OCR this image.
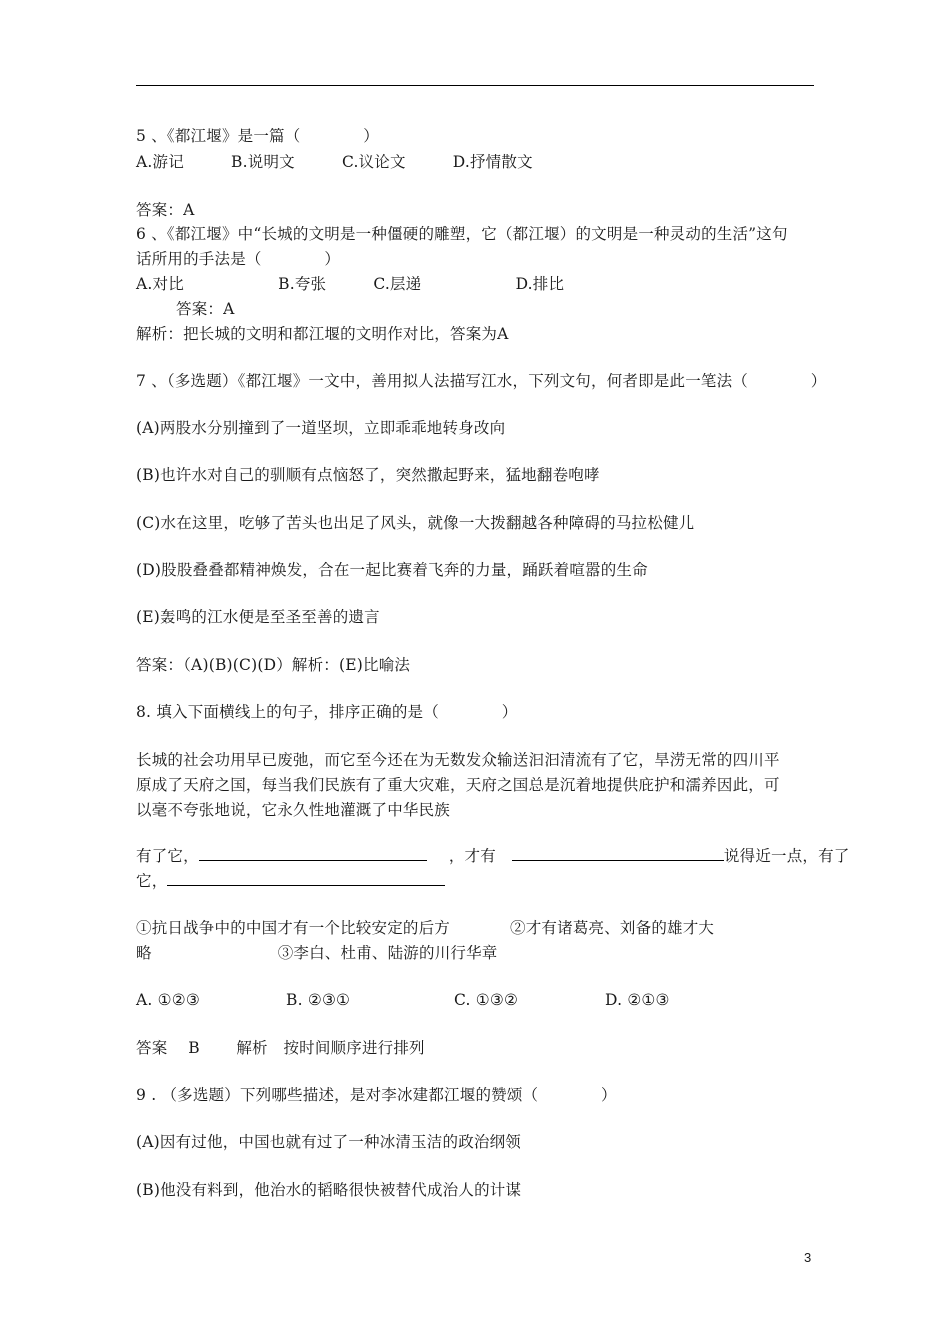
5 、《都江堰》是一篇（　　　　）
A.游记　　　B.说明文　　　C.议论文　　　D.抒情散文
答案：A
6 、《都江堰》中“长城的文明是一种僵硬的雕塑，它（都江堰）的文明是一种灵动的生活”这句
话所用的手法是（　　　　）
A.对比　　　　　　B.夸张　　　C.层递　　　　　　D.排比
答案：A
解析：把长城的文明和都江堰的文明作对比，答案为A
7 、（多选题）《都江堰》一文中，善用拟人法描写江水，下列文句，何者即是此一笔法（　　　　）
(A)两股水分别撞到了一道坚坝，立即乖乖地转身改向
(B)也许水对自己的驯顺有点恼怒了，突然撒起野来，猛地翻卷咆哮
(C)水在这里，吃够了苦头也出足了风头，就像一大拨翻越各种障碍的马拉松健儿
(D)股股叠叠都精神焕发，合在一起比赛着飞奔的力量，踊跃着喧嚣的生命
(E)轰鸣的江水便是至圣至善的遗言
答案：（A)(B)(C)(D）解析：(E)比喻法
8. 填入下面横线上的句子，排序正确的是（　　　　）
长城的社会功用早已废弛，而它至今还在为无数发众输送汩汩清流有了它，旱涝无常的四川平
原成了天府之国，每当我们民族有了重大灾难，天府之国总是沉着地提供庇护和濡养因此，可
以毫不夸张地说，它永久性地灌溉了中华民族
有了它，	，才有	说得近一点，有了
它，
①抗日战争中的中国才有一个比较安定的后方	②才有诸葛亮、刘备的雄才大
略	③李白、杜甫、陆游的川行华章
A. ①②③	B. ②③①	C. ①③②	D. ②①③
答案　 B　　 解析　按时间顺序进行排列
9 . （多选题）下列哪些描述，是对李冰建都江堰的赞颂（　　　　）
(A)因有过他，中国也就有过了一种冰清玉洁的政治纲领
(B)他没有料到，他治水的韬略很快被替代成治人的计谋
3
